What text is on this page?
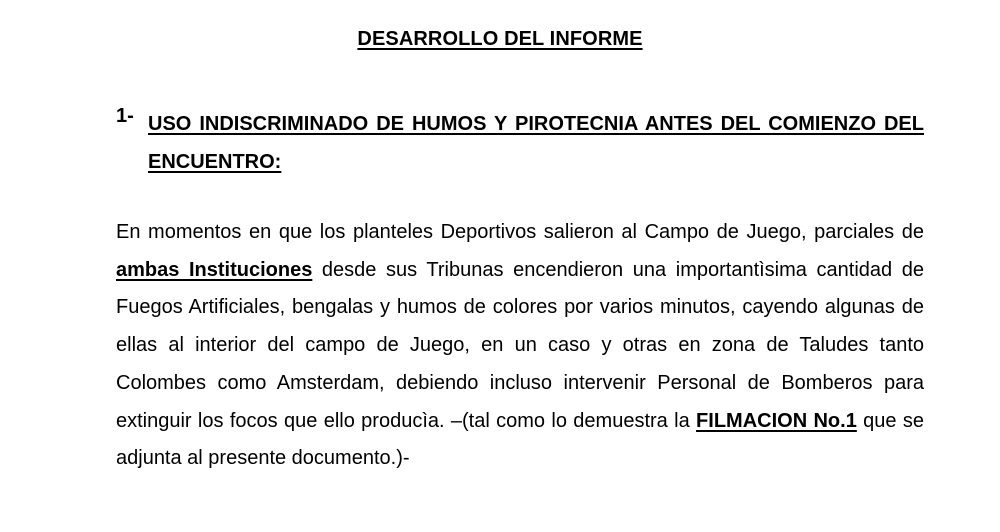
DESARROLLO DEL INFORME
1- USO INDISCRIMINADO DE HUMOS Y PIROTECNIA ANTES DEL COMIENZO DEL ENCUENTRO:

En momentos en que los planteles Deportivos salieron al Campo de Juego, parciales de ambas Instituciones desde sus Tribunas encendieron una importantìsima cantidad de Fuegos Artificiales, bengalas y humos de colores por varios minutos, cayendo algunas de ellas al interior del campo de Juego, en un caso y otras en zona de Taludes tanto Colombes como Amsterdam, debiendo incluso intervenir Personal de Bomberos para extinguir los focos que ello producìa. –(tal como lo demuestra la FILMACION No.1 que se adjunta al presente documento.)-
